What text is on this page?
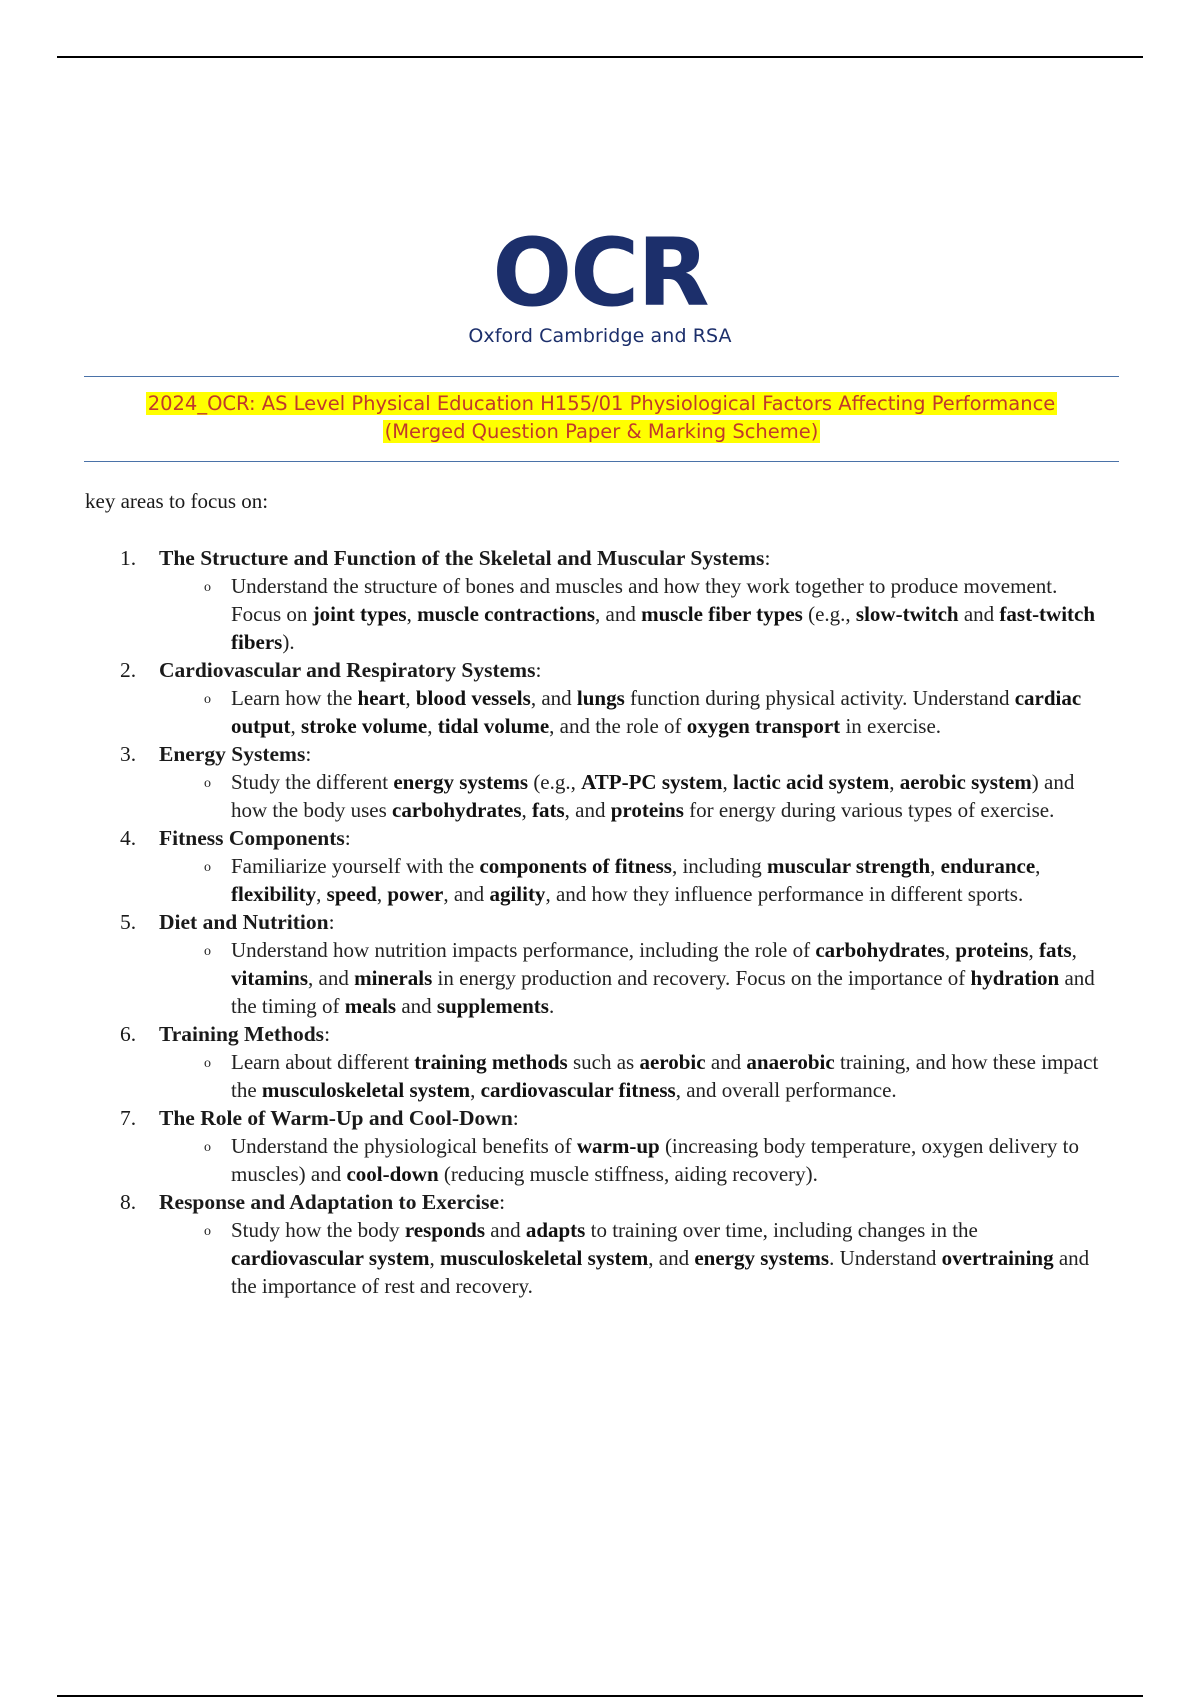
OCR
Oxford Cambridge and RSA
2024_OCR: AS Level Physical Education H155/01 Physiological Factors Affecting Performance
(Merged Question Paper & Marking Scheme)
key areas to focus on:
1.	The Structure and Function of the Skeletal and Muscular Systems:
o Understand the structure of bones and muscles and how they work together to produce movement. Focus on joint types, muscle contractions, and muscle fiber types (e.g., slow-twitch and fast-twitch fibers).
2.	Cardiovascular and Respiratory Systems:
o Learn how the heart, blood vessels, and lungs function during physical activity. Understand cardiac output, stroke volume, tidal volume, and the role of oxygen transport in exercise.
3.	Energy Systems:
o Study the different energy systems (e.g., ATP-PC system, lactic acid system, aerobic system) and how the body uses carbohydrates, fats, and proteins for energy during various types of exercise.
4.	Fitness Components:
o Familiarize yourself with the components of fitness, including muscular strength, endurance, flexibility, speed, power, and agility, and how they influence performance in different sports.
5.	Diet and Nutrition:
o Understand how nutrition impacts performance, including the role of carbohydrates, proteins, fats, vitamins, and minerals in energy production and recovery. Focus on the importance of hydration and the timing of meals and supplements.
6.	Training Methods:
o Learn about different training methods such as aerobic and anaerobic training, and how these impact the musculoskeletal system, cardiovascular fitness, and overall performance.
7.	The Role of Warm-Up and Cool-Down:
o Understand the physiological benefits of warm-up (increasing body temperature, oxygen delivery to muscles) and cool-down (reducing muscle stiffness, aiding recovery).
8.	Response and Adaptation to Exercise:
o Study how the body responds and adapts to training over time, including changes in the cardiovascular system, musculoskeletal system, and energy systems. Understand overtraining and the importance of rest and recovery.
